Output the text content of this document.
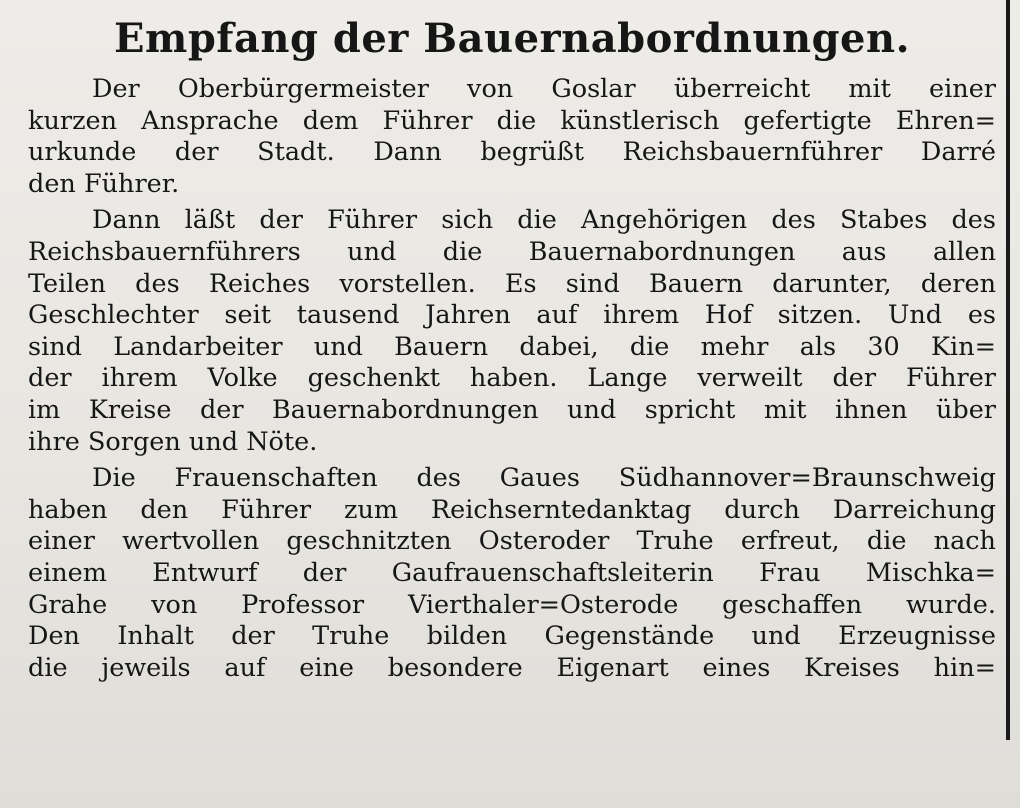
Empfang der Bauernabordnungen.
Der Oberbürgermeister von Goslar überreicht mit einer
kurzen Ansprache dem Führer die künstlerisch gefertigte Ehren=
urkunde der Stadt. Dann begrüßt Reichsbauernführer Darré
den Führer.
Dann läßt der Führer sich die Angehörigen des Stabes des
Reichsbauernführers und die Bauernabordnungen aus allen
Teilen des Reiches vorstellen. Es sind Bauern darunter, deren
Geschlechter seit tausend Jahren auf ihrem Hof sitzen. Und es
sind Landarbeiter und Bauern dabei, die mehr als 30 Kin=
der ihrem Volke geschenkt haben. Lange verweilt der Führer
im Kreise der Bauernabordnungen und spricht mit ihnen über
ihre Sorgen und Nöte.
Die Frauenschaften des Gaues Südhannover=Braunschweig
haben den Führer zum Reichserntedanktag durch Darreichung
einer wertvollen geschnitzten Osteroder Truhe erfreut, die nach
einem Entwurf der Gaufrauenschaftsleiterin Frau Mischka=
Grahe von Professor Vierthaler=Osterode geschaffen wurde.
Den Inhalt der Truhe bilden Gegenstände und Erzeugnisse
die jeweils auf eine besondere Eigenart eines Kreises hin=
